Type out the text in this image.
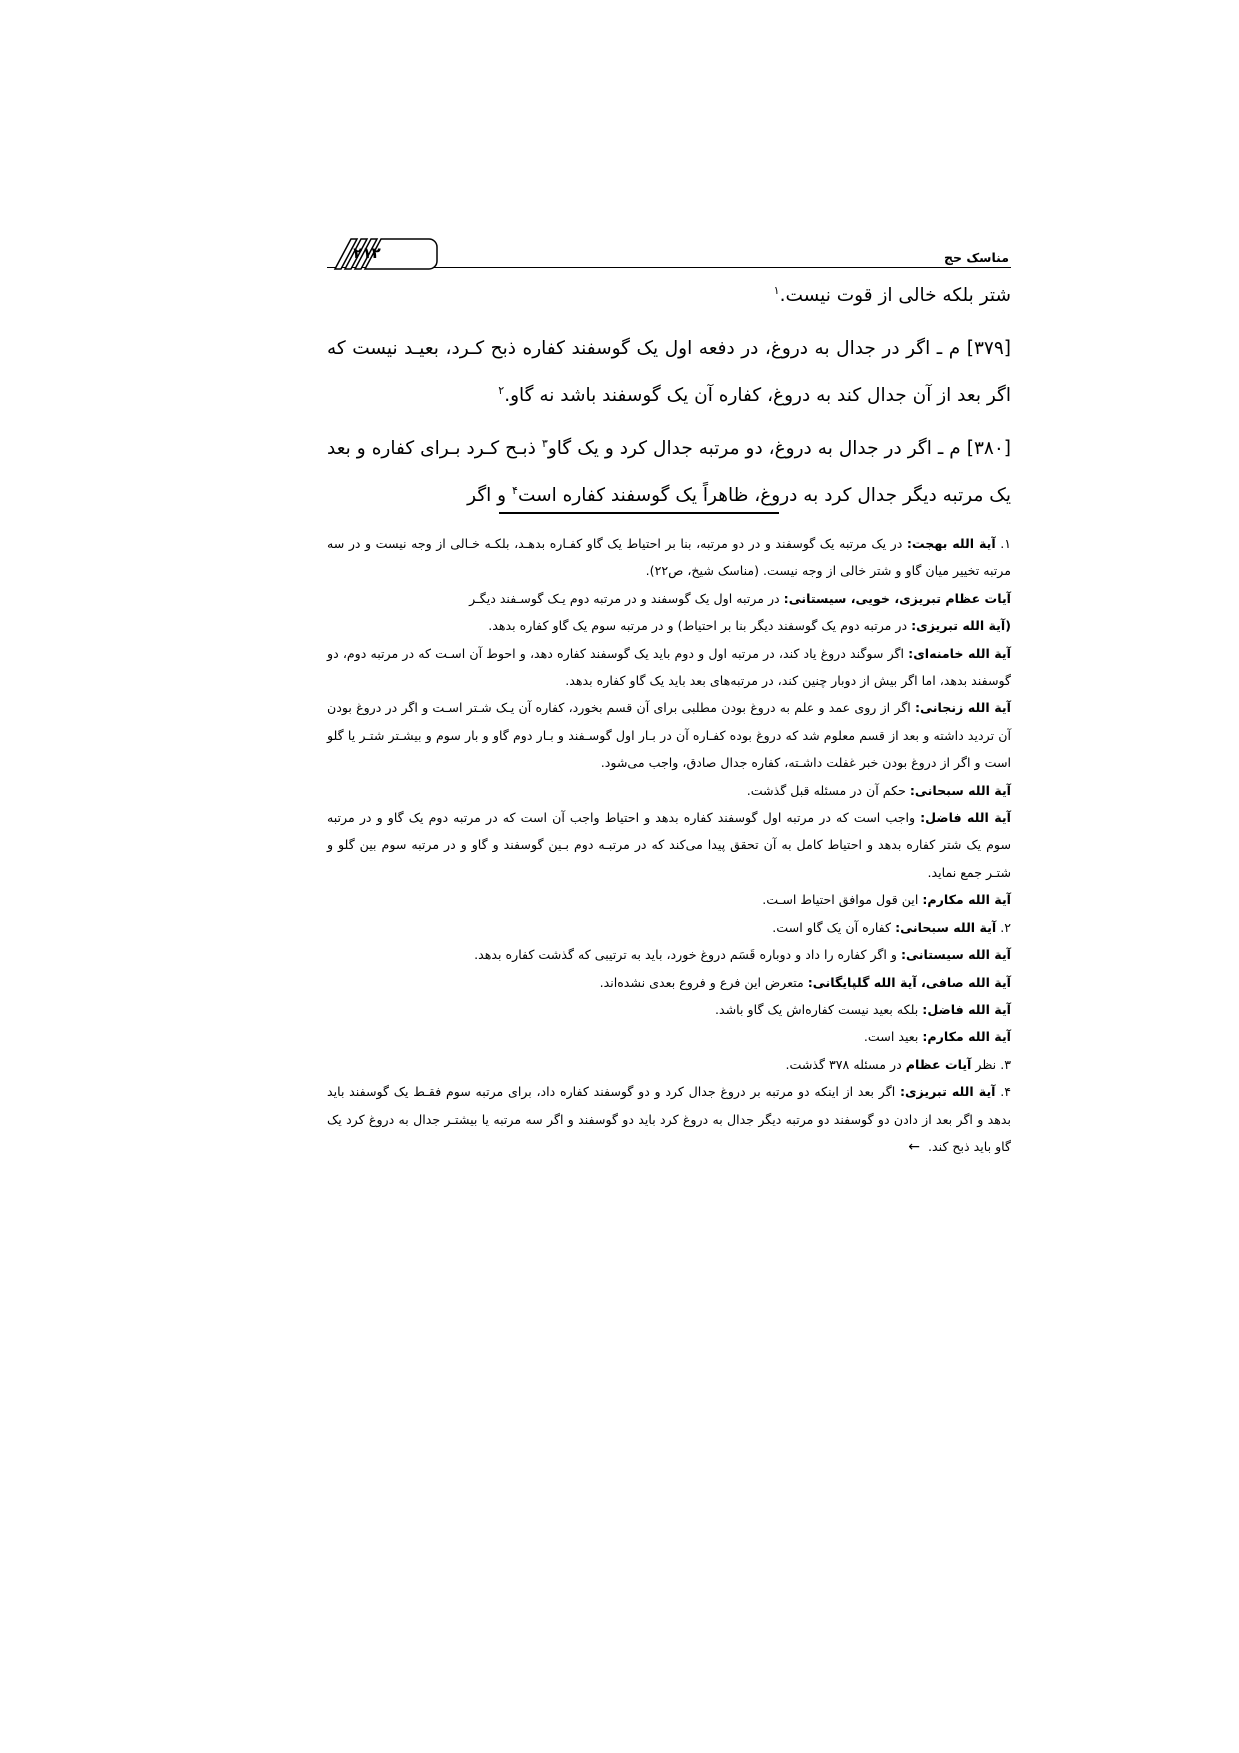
مناسک حج
۲۱۲

شتر بلکه خالی از قوت نیست.$^۱$

[۳۷۹] م ـ اگر در جدال به دروغ، در دفعه اول یک گوسفند کفاره ذبح کـرد، بعیـد نیست که اگر بعد از آن جدال کند به دروغ، کفاره آن یک گوسفند باشد نه گاو.$^۲$

[۳۸۰] م ـ اگر در جدال به دروغ، دو مرتبه جدال کرد و یک گاو$^۳$ ذبـح کـرد بـرای کفاره و بعد یک مرتبه دیگر جدال کرد به دروغ، ظاهراً یک گوسفند کفاره است$^۴$ و اگر

۱. آیة الله بهجت: در یک مرتبه یک گوسفند و در دو مرتبه، بنا بر احتیاط یک گاو کفـاره بدهـد، بلکـه خـالی از وجه نیست و در سه مرتبه تخییر میان گاو و شتر خالی از وجه نیست. (مناسک شیخ، ص۲۲).
آیات عظام تبریزی، خویی، سیستانی: در مرتبه اول یک گوسفند و در مرتبه دوم یـک گوسـفند دیگـر
(آیة الله تبریزی: در مرتبه دوم یک گوسفند دیگر بنا بر احتیاط) و در مرتبه سوم یک گاو کفاره بدهد.
آیة الله خامنه‌ای: اگر سوگند دروغ یاد کند، در مرتبه اول و دوم باید یک گوسفند کفاره دهد، و احوط آن اسـت که در مرتبه دوم، دو گوسفند بدهد، اما اگر بیش از دوبار چنین کند، در مرتبه‌های بعد باید یک گاو کفاره بدهد.
آیة الله زنجانی: اگر از روی عمد و علم به دروغ بودن مطلبی برای آن قسم بخورد، کفاره آن یـک شـتر اسـت و اگر در دروغ بودن آن تردید داشته و بعد از قسم معلوم شد که دروغ بوده کفـاره آن در بـار اول گوسـفند و بـار دوم گاو و بار سوم و بیشـتر شتـر یا گلو است و اگر از دروغ بودن خبر غفلت داشـته، کفاره جدال صادق، واجب می‌شود.
آیة الله سبحانی: حکم آن در مسئله قبل گذشت.
آیة الله فاضل: واجب است که در مرتبه اول گوسفند کفاره بدهد و احتیاط واجب آن است که در مرتبه دوم یک گاو و در مرتبه سوم یک شتر کفاره بدهد و احتیاط کامل به آن تحقق پیدا می‌کند که در مرتبـه دوم بـین گوسفند و گاو و در مرتبه سوم بین گلو و شتـر جمع نماید.
آیة الله مکارم: این قول موافق احتیاط اسـت.
۲. آیة الله سبحانی: کفاره آن یک گاو است.
آیة الله سیستانی: و اگر کفاره را داد و دوباره قَسَم دروغ خورد، باید به ترتیبی که گذشت کفاره بدهد.
آیة الله صافی، آیة الله گلپایگانی: متعرض این فرع و فروع بعدی نشده‌اند.
آیة الله فاضل: بلکه بعید نیست کفاره‌اش یک گاو باشد.
آیة الله مکارم: بعید است.
۳. نظر آیات عظام در مسئله ۳۷۸ گذشت.
۴. آیة الله تبریزی: اگر بعد از اینکه دو مرتبه بر دروغ جدال کرد و دو گوسفند کفاره داد، برای مرتبه سوم فقـط یک گوسفند باید بدهد و اگر بعد از دادن دو گوسفند دو مرتبه دیگر جدال به دروغ کرد باید دو گوسفند و اگر سه مرتبه یا بیشتـر جدال به دروغ کرد یک گاو باید ذبح کند. ←
